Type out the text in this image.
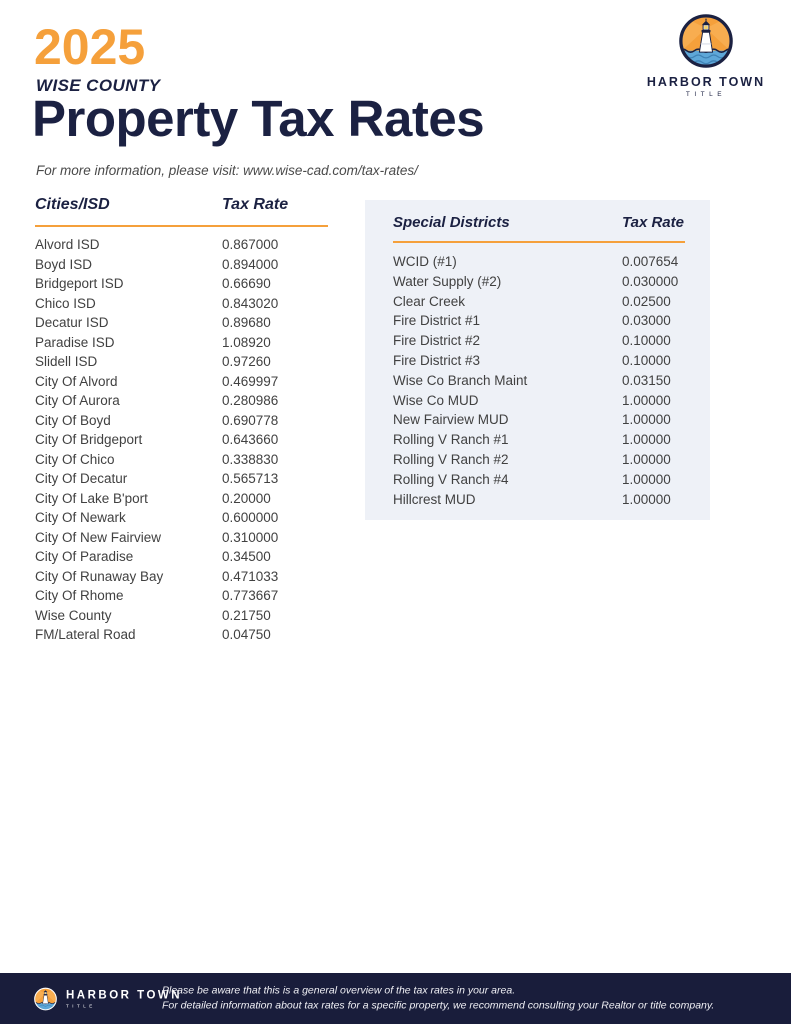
2025
WISE COUNTY
Property Tax Rates
For more information, please visit: www.wise-cad.com/tax-rates/
HARBOR TOWN
TITLE
Cities/ISD	Tax Rate
Alvord ISD	0.867000
Boyd ISD	0.894000
Bridgeport ISD	0.66690
Chico ISD	0.843020
Decatur ISD	0.89680
Paradise ISD	1.08920
Slidell ISD	0.97260
City Of Alvord	0.469997
City Of Aurora	0.280986
City Of Boyd	0.690778
City Of Bridgeport	0.643660
City Of Chico	0.338830
City Of Decatur	0.565713
City Of Lake B'port	0.20000
City Of Newark	0.600000
City Of New Fairview	0.310000
City Of Paradise	0.34500
City Of Runaway Bay	0.471033
City Of Rhome	0.773667
Wise County	0.21750
FM/Lateral Road	0.04750
Special Districts	Tax Rate
WCID (#1)	0.007654
Water Supply (#2)	0.030000
Clear Creek	0.02500
Fire District #1	0.03000
Fire District #2	0.10000
Fire District #3	0.10000
Wise Co Branch Maint	0.03150
Wise Co MUD	1.00000
New Fairview MUD	1.00000
Rolling V Ranch #1	1.00000
Rolling V Ranch #2	1.00000
Rolling V Ranch #4	1.00000
Hillcrest MUD	1.00000
HARBOR TOWN
TITLE
Please be aware that this is a general overview of the tax rates in your area.
For detailed information about tax rates for a specific property, we recommend consulting your Realtor or title company.
